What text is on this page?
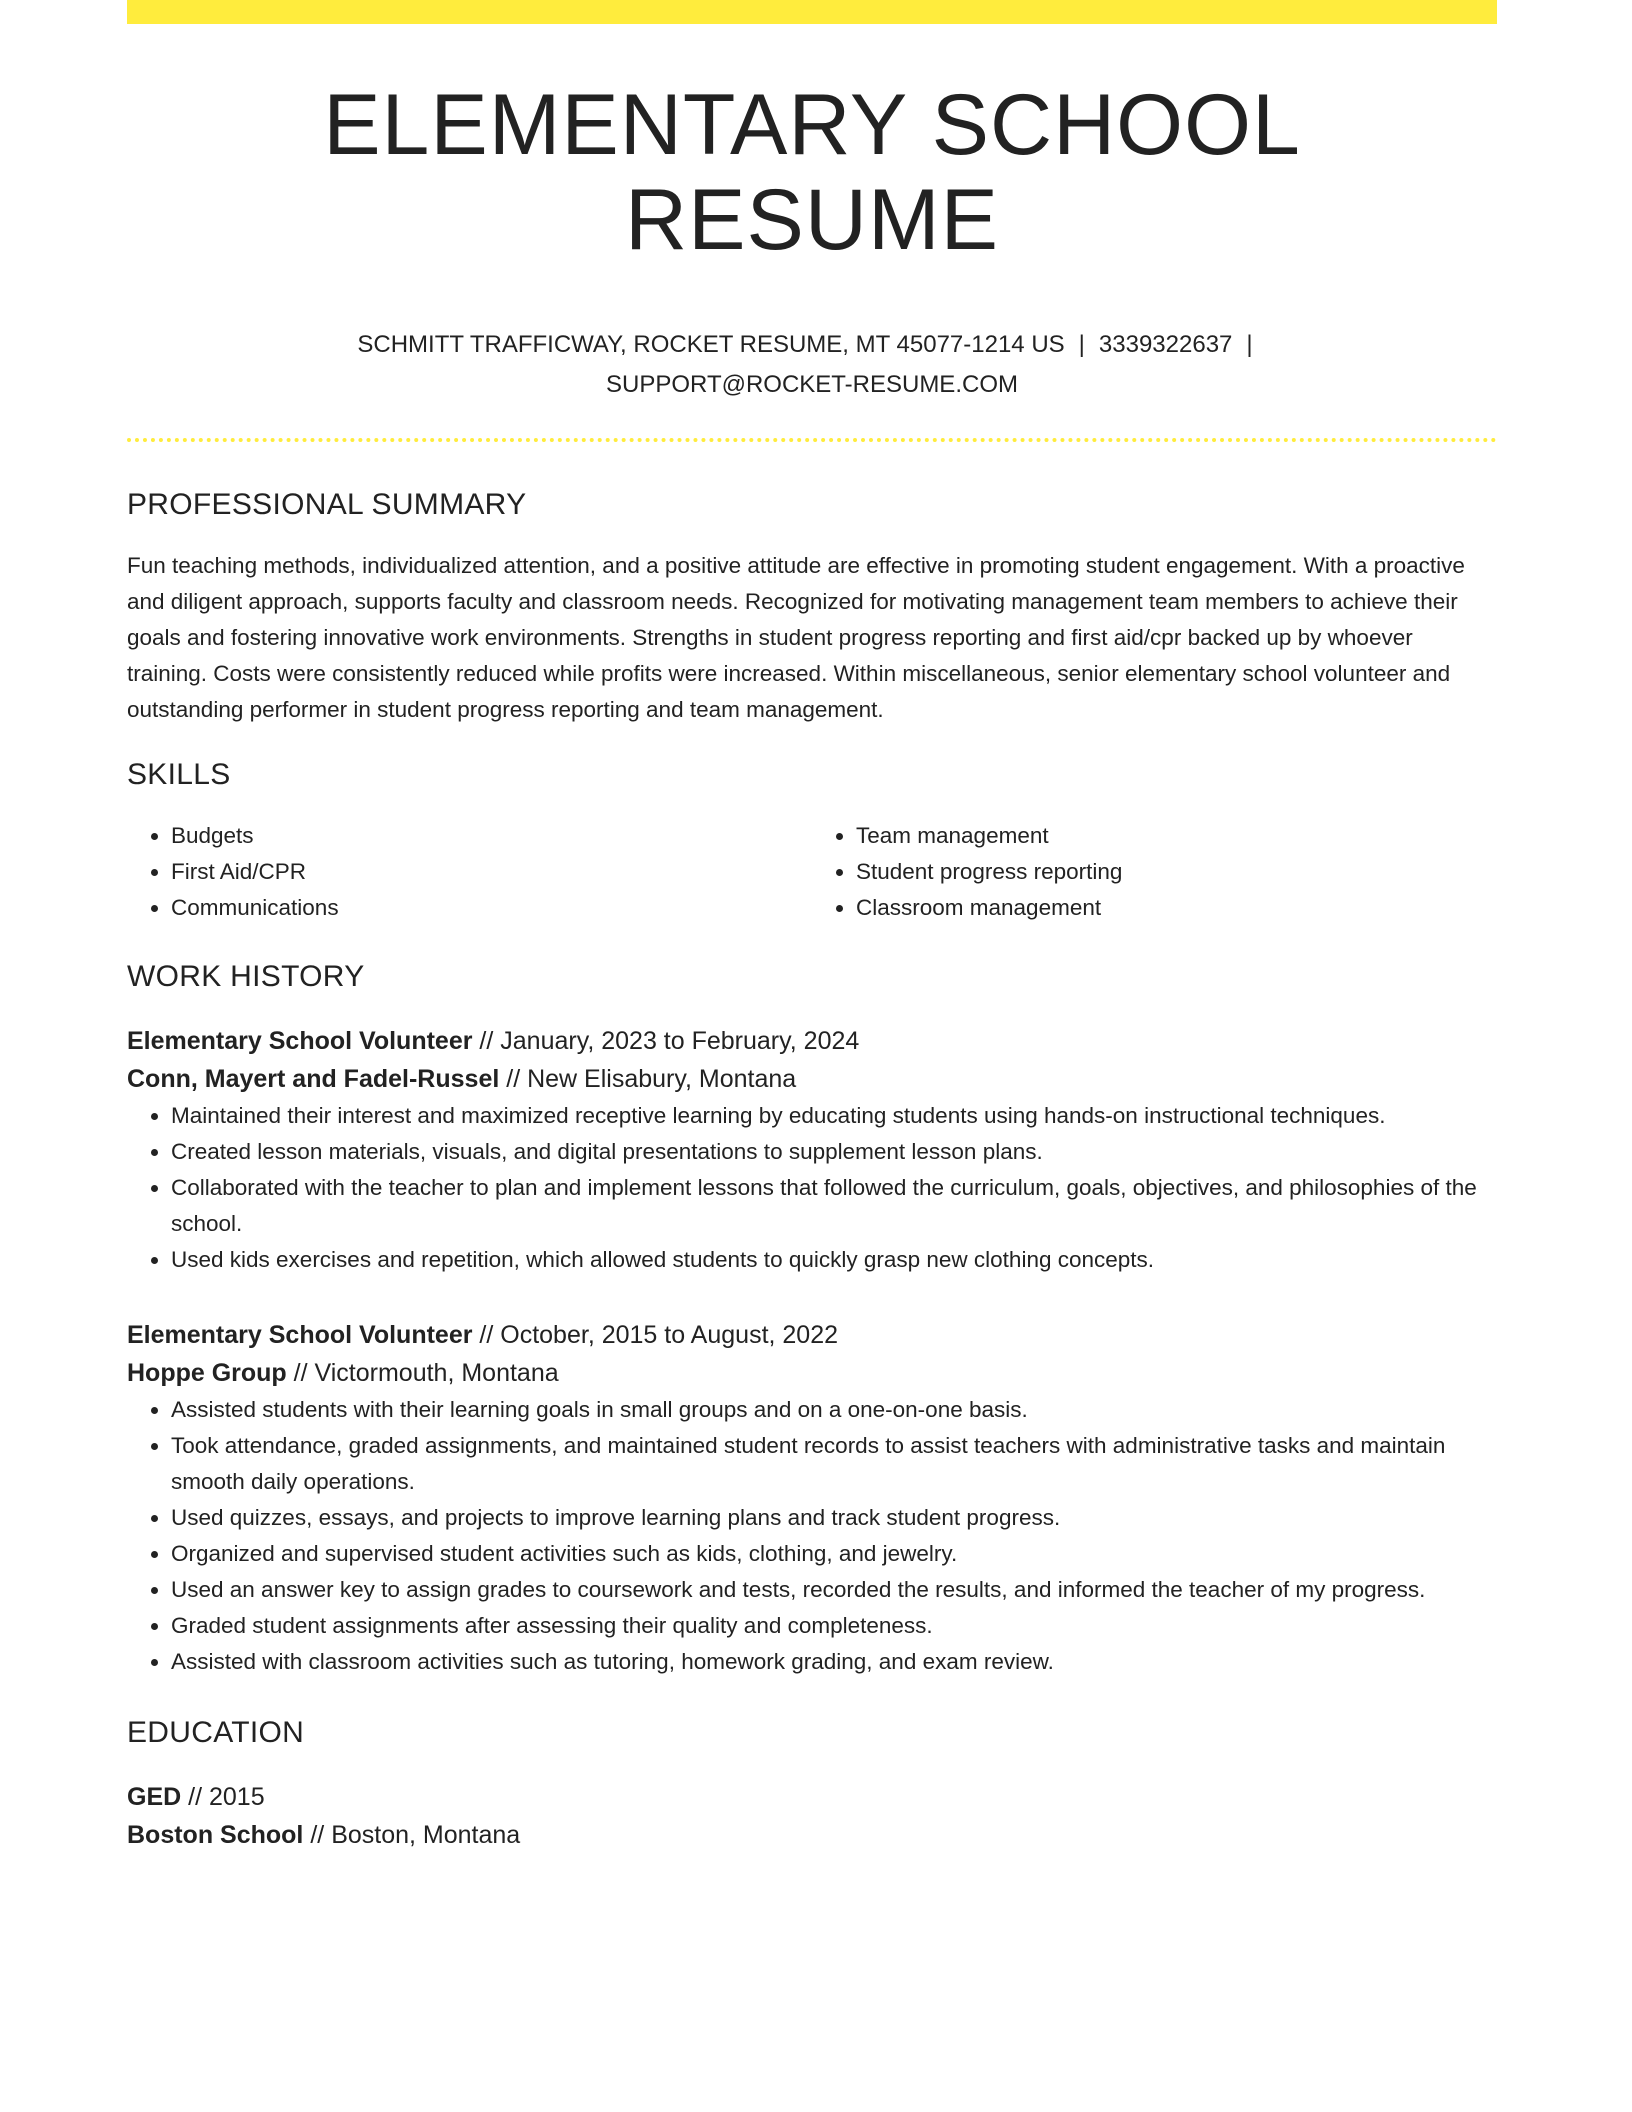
ELEMENTARY SCHOOL RESUME
SCHMITT TRAFFICWAY, ROCKET RESUME, MT 45077-1214 US | 3339322637 |
SUPPORT@ROCKET-RESUME.COM
PROFESSIONAL SUMMARY

Fun teaching methods, individualized attention, and a positive attitude are effective in promoting student engagement. With a proactive and diligent approach, supports faculty and classroom needs. Recognized for motivating management team members to achieve their goals and fostering innovative work environments. Strengths in student progress reporting and first aid/cpr backed up by whoever training. Costs were consistently reduced while profits were increased. Within miscellaneous, senior elementary school volunteer and outstanding performer in student progress reporting and team management.

SKILLS
• Budgets
• First Aid/CPR
• Communications
• Team management
• Student progress reporting
• Classroom management
WORK HISTORY
Elementary School Volunteer // January, 2023 to February, 2024
Conn, Mayert and Fadel-Russel // New Elisabury, Montana
• Maintained their interest and maximized receptive learning by educating students using hands-on instructional techniques.
• Created lesson materials, visuals, and digital presentations to supplement lesson plans.
• Collaborated with the teacher to plan and implement lessons that followed the curriculum, goals, objectives, and philosophies of the school.
• Used kids exercises and repetition, which allowed students to quickly grasp new clothing concepts.
Elementary School Volunteer // October, 2015 to August, 2022
Hoppe Group // Victormouth, Montana
• Assisted students with their learning goals in small groups and on a one-on-one basis.
• Took attendance, graded assignments, and maintained student records to assist teachers with administrative tasks and maintain smooth daily operations.
• Used quizzes, essays, and projects to improve learning plans and track student progress.
• Organized and supervised student activities such as kids, clothing, and jewelry.
• Used an answer key to assign grades to coursework and tests, recorded the results, and informed the teacher of my progress.
• Graded student assignments after assessing their quality and completeness.
• Assisted with classroom activities such as tutoring, homework grading, and exam review.
EDUCATION
GED // 2015
Boston School // Boston, Montana
